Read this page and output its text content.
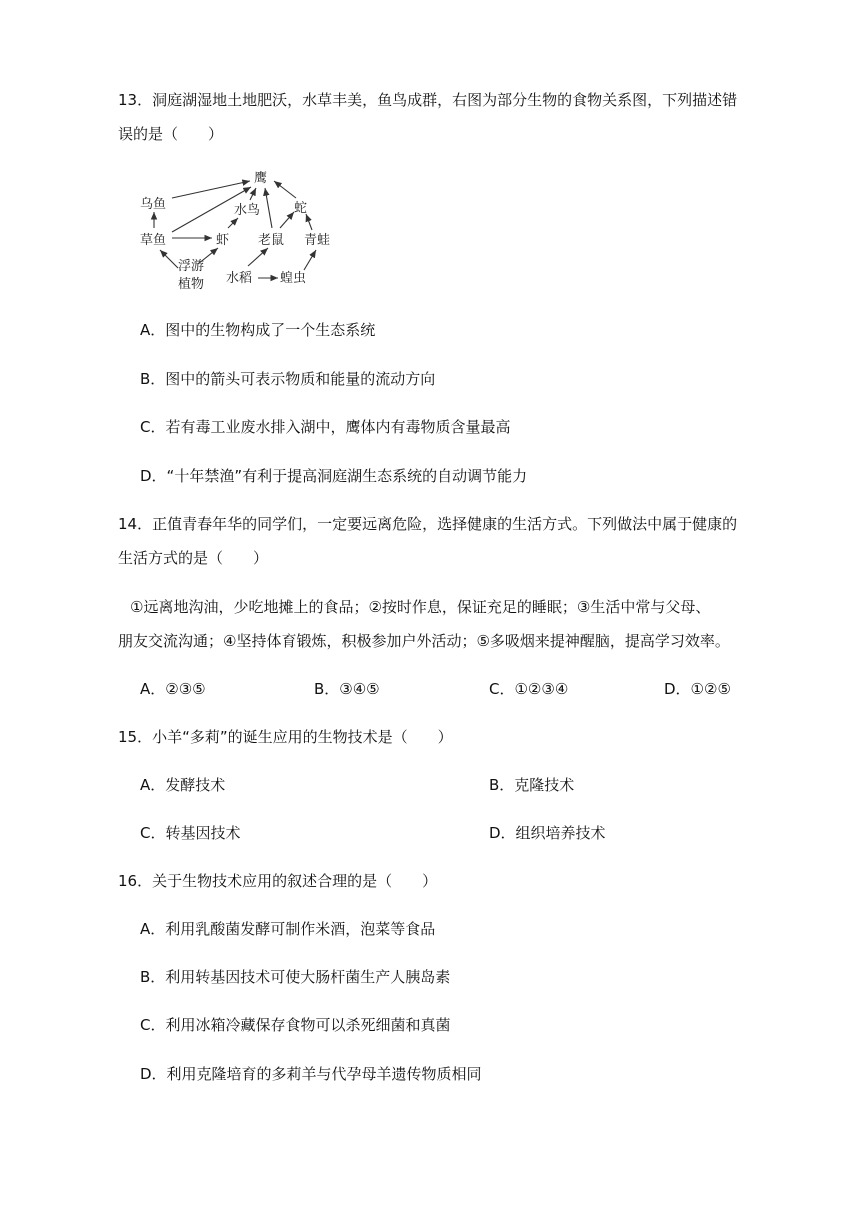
13．洞庭湖湿地土地肥沃，水草丰美，鱼鸟成群，右图为部分生物的食物关系图，下列描述错
误的是（　　）
鹰
乌鱼	水鸟	蛇
草鱼	虾 老鼠 青蛙
浮游
植物 水稻 蝗虫
A．图中的生物构成了一个生态系统
B．图中的箭头可表示物质和能量的流动方向
C．若有毒工业废水排入湖中，鹰体内有毒物质含量最高
D．“十年禁渔”有利于提高洞庭湖生态系统的自动调节能力
14．正值青春年华的同学们，一定要远离危险，选择健康的生活方式。下列做法中属于健康的
生活方式的是（　　）
①远离地沟油，少吃地摊上的食品；②按时作息，保证充足的睡眠；③生活中常与父母、
朋友交流沟通；④坚持体育锻炼，积极参加户外活动；⑤多吸烟来提神醒脑，提高学习效率。
A．②③⑤	B．③④⑤	C．①②③④	D．①②⑤
15．小羊“多莉”的诞生应用的生物技术是（　　）
A．发酵技术	B．克隆技术
C．转基因技术	D．组织培养技术
16．关于生物技术应用的叙述合理的是（　　）
A．利用乳酸菌发酵可制作米酒，泡菜等食品
B．利用转基因技术可使大肠杆菌生产人胰岛素
C．利用冰箱冷藏保存食物可以杀死细菌和真菌
D．利用克隆培育的多莉羊与代孕母羊遗传物质相同
